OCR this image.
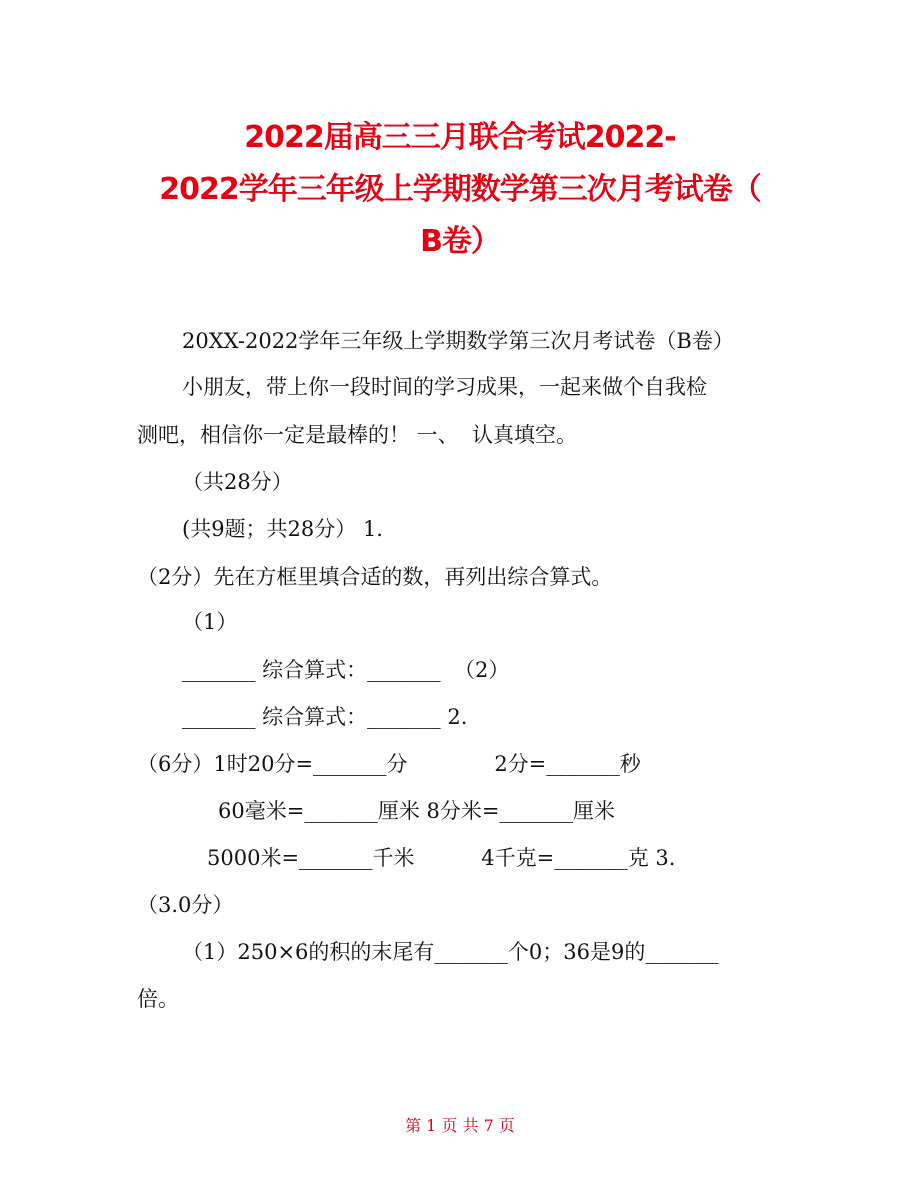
2022届高三三月联合考试2022-
2022学年三年级上学期数学第三次月考试卷（
B卷）
20XX-2022学年三年级上学期数学第三次月考试卷（B卷）
小朋友，带上你一段时间的学习成果，一起来做个自我检
测吧，相信你一定是最棒的！ 一、  认真填空。
（共28分）
(共9题；共28分） 1.
（2分）先在方框里填合适的数，再列出综合算式。
（1）
_______ 综合算式：_______  （2）
_______ 综合算式：_______ 2.
（6分）1时20分=_______分             2分=_______秒
60毫米=_______厘米 8分米=_______厘米
5000米=_______千米          4千克=_______克 3.
（3.0分）
（1）250×6的积的末尾有_______个0；36是9的_______
倍。
第 1 页 共 7 页
